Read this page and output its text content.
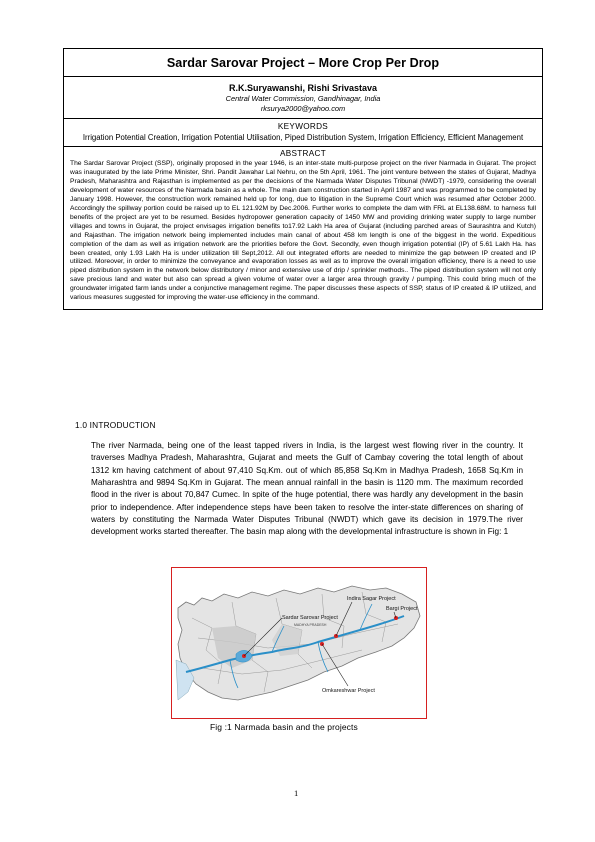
Sardar Sarovar Project – More Crop Per Drop
R.K.Suryawanshi, Rishi Srivastava
Central Water Commission, Gandhinagar, India
rksurya2000@yahoo.com
KEYWORDS
Irrigation Potential Creation, Irrigation Potential Utilisation, Piped Distribution System, Irrigation Efficiency, Efficient Management
ABSTRACT
The Sardar Sarovar Project (SSP), originally proposed in the year 1946, is an inter-state multi-purpose project on the river Narmada in Gujarat. The project was inaugurated by the late Prime Minister, Shri. Pandit Jawahar Lal Nehru, on the 5th April, 1961. The joint venture between the states of Gujarat, Madhya Pradesh, Maharashtra and Rajasthan is implemented as per the decisions of the Narmada Water Disputes Tribunal (NWDT) -1979, considering the overall development of water resources of the Narmada basin as a whole. The main dam construction started in April 1987 and was programmed to be completed by January 1998. However, the construction work remained held up for long, due to litigation in the Supreme Court which was resumed after October 2000. Accordingly the spillway portion could be raised up to EL 121.92M by Dec.2006. Further works to complete the dam with FRL at EL138.68M. to harness full benefits of the project are yet to be resumed. Besides hydropower generation capacity of 1450 MW and providing drinking water supply to large number villages and towns in Gujarat, the project envisages irrigation benefits to17.92 Lakh Ha area of Gujarat (including parched areas of Saurashtra and Kutch) and Rajasthan. The irrigation network being implemented includes main canal of about 458 km length is one of the biggest in the world. Expeditious completion of the dam as well as irrigation network are the priorities before the Govt. Secondly, even though irrigation potential (IP) of 5.61 Lakh Ha. has been created, only 1.93 Lakh Ha is under utilization till Sept,2012. All out integrated efforts are needed to minimize the gap between IP created and IP utilized. Moreover, in order to minimize the conveyance and evaporation losses as well as to improve the overall irrigation efficiency, there is a need to use piped distribution system in the network below distributory / minor and extensive use of drip / sprinkler methods.. The piped distribution system will not only save precious land and water but also can spread a given volume of water over a larger area through gravity / pumping. This could bring much of the groundwater irrigated farm lands under a conjunctive management regime. The paper discusses these aspects of SSP, status of IP created & IP utilized, and various measures suggested for improving the water-use efficiency in the command.
1.0 INTRODUCTION

The river Narmada, being one of the least tapped rivers in India, is the largest west flowing river in the country. It traverses Madhya Pradesh, Maharashtra, Gujarat and meets the Gulf of Cambay covering the total length of about 1312 km having catchment of about 97,410 Sq.Km. out of which 85,858 Sq.Km in Madhya Pradesh, 1658 Sq.Km in Maharashtra and 9894 Sq.Km in Gujarat. The mean annual rainfall in the basin is 1120 mm. The maximum recorded flood in the river is about 70,847 Cumec. In spite of the huge potential, there was hardly any development in the basin prior to independence. After independence steps have been taken to resolve the inter-state differences on sharing of waters by constituting the Narmada Water Disputes Tribunal (NWDT) which gave its decision in 1979.The river development works started thereafter. The basin map along with the developmental infrastructure is shown in Fig: 1

Sardar Sarovar Project
Indira Sagar Project
Bargi Project
Omkareshwar Project
MADHYA PRADESH
Fig :1 Narmada basin and the projects
1
